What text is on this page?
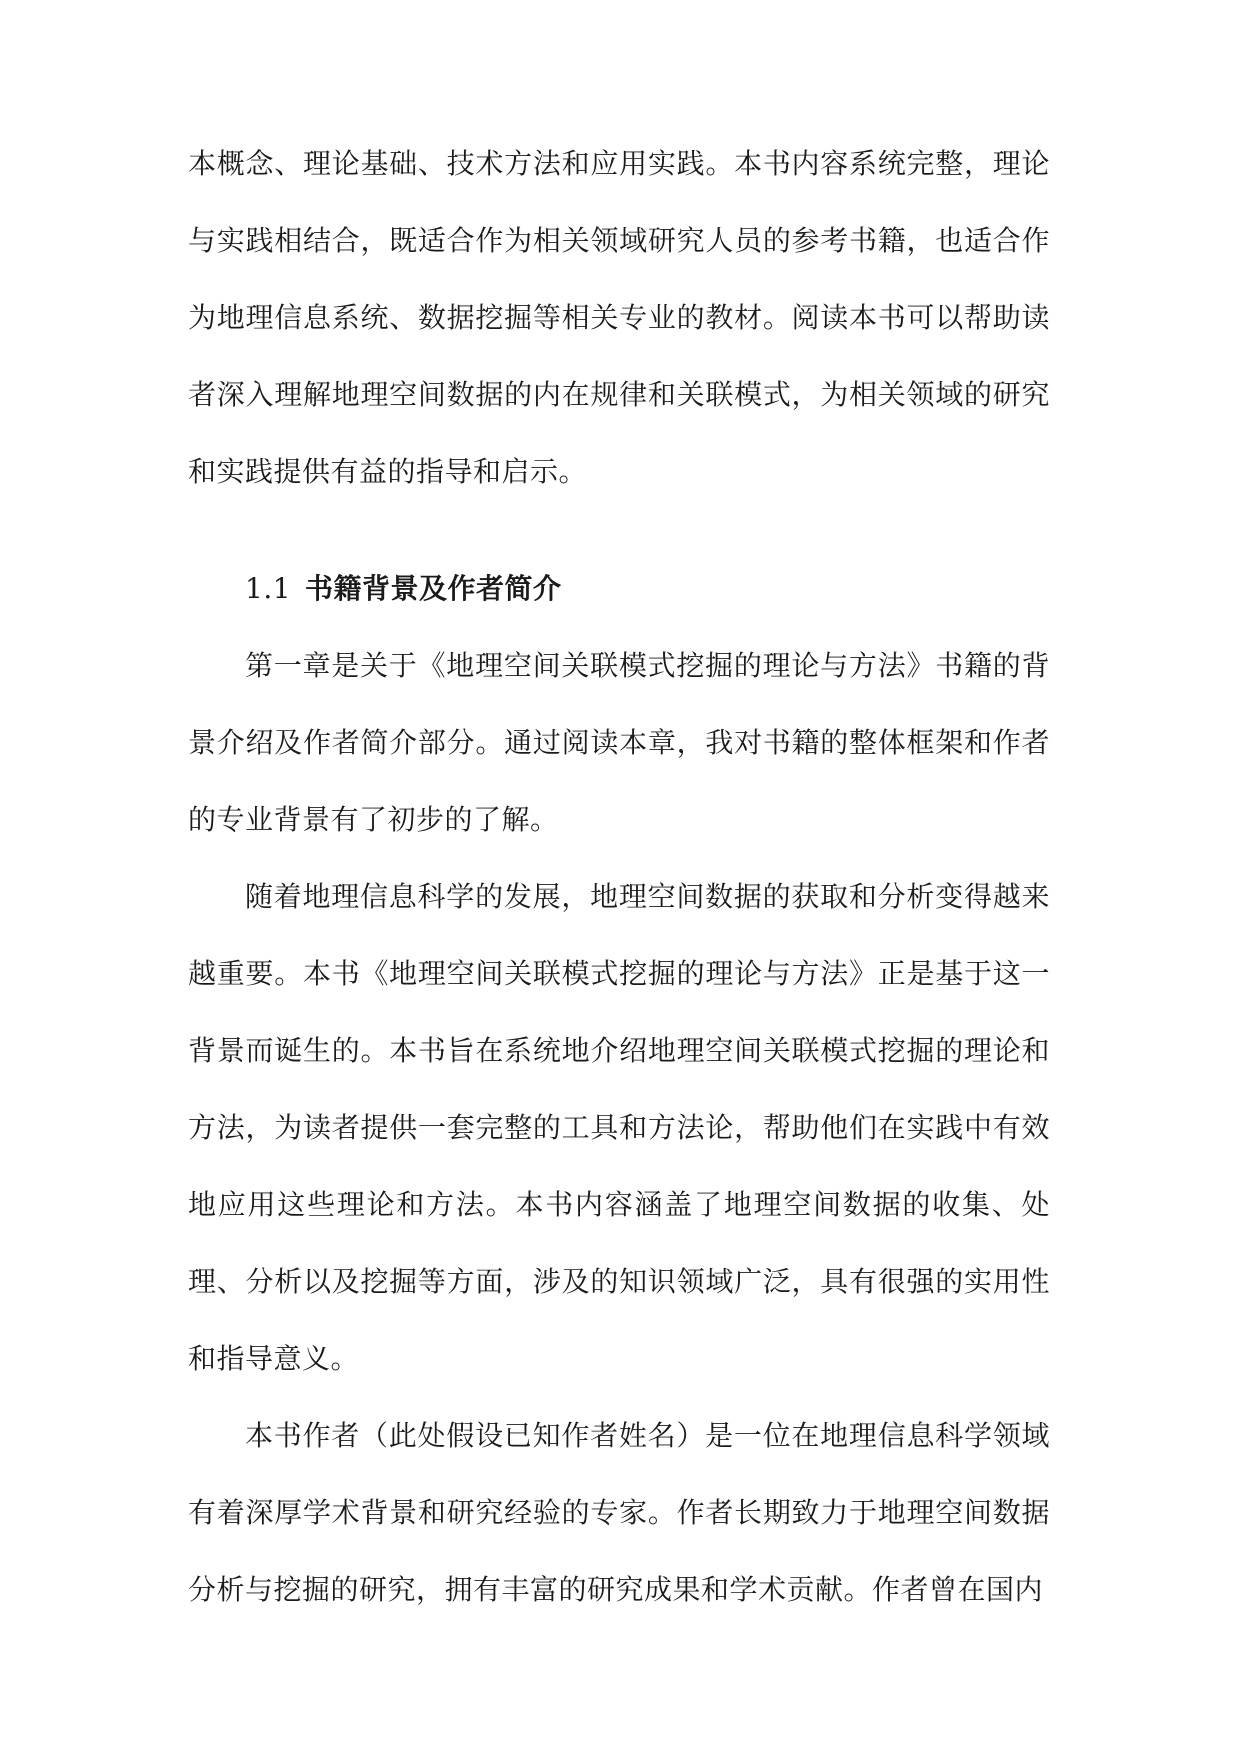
本概念、理论基础、技术方法和应用实践。本书内容系统完整，理论与实践相结合，既适合作为相关领域研究人员的参考书籍，也适合作为地理信息系统、数据挖掘等相关专业的教材。阅读本书可以帮助读者深入理解地理空间数据的内在规律和关联模式，为相关领域的研究和实践提供有益的指导和启示。

1.1 书籍背景及作者简介

第一章是关于《地理空间关联模式挖掘的理论与方法》书籍的背景介绍及作者简介部分。通过阅读本章，我对书籍的整体框架和作者的专业背景有了初步的了解。

随着地理信息科学的发展，地理空间数据的获取和分析变得越来越重要。本书《地理空间关联模式挖掘的理论与方法》正是基于这一背景而诞生的。本书旨在系统地介绍地理空间关联模式挖掘的理论和方法，为读者提供一套完整的工具和方法论，帮助他们在实践中有效地应用这些理论和方法。本书内容涵盖了地理空间数据的收集、处理、分析以及挖掘等方面，涉及的知识领域广泛，具有很强的实用性和指导意义。

本书作者（此处假设已知作者姓名）是一位在地理信息科学领域有着深厚学术背景和研究经验的专家。作者长期致力于地理空间数据分析与挖掘的研究，拥有丰富的研究成果和学术贡献。作者曾在国内
